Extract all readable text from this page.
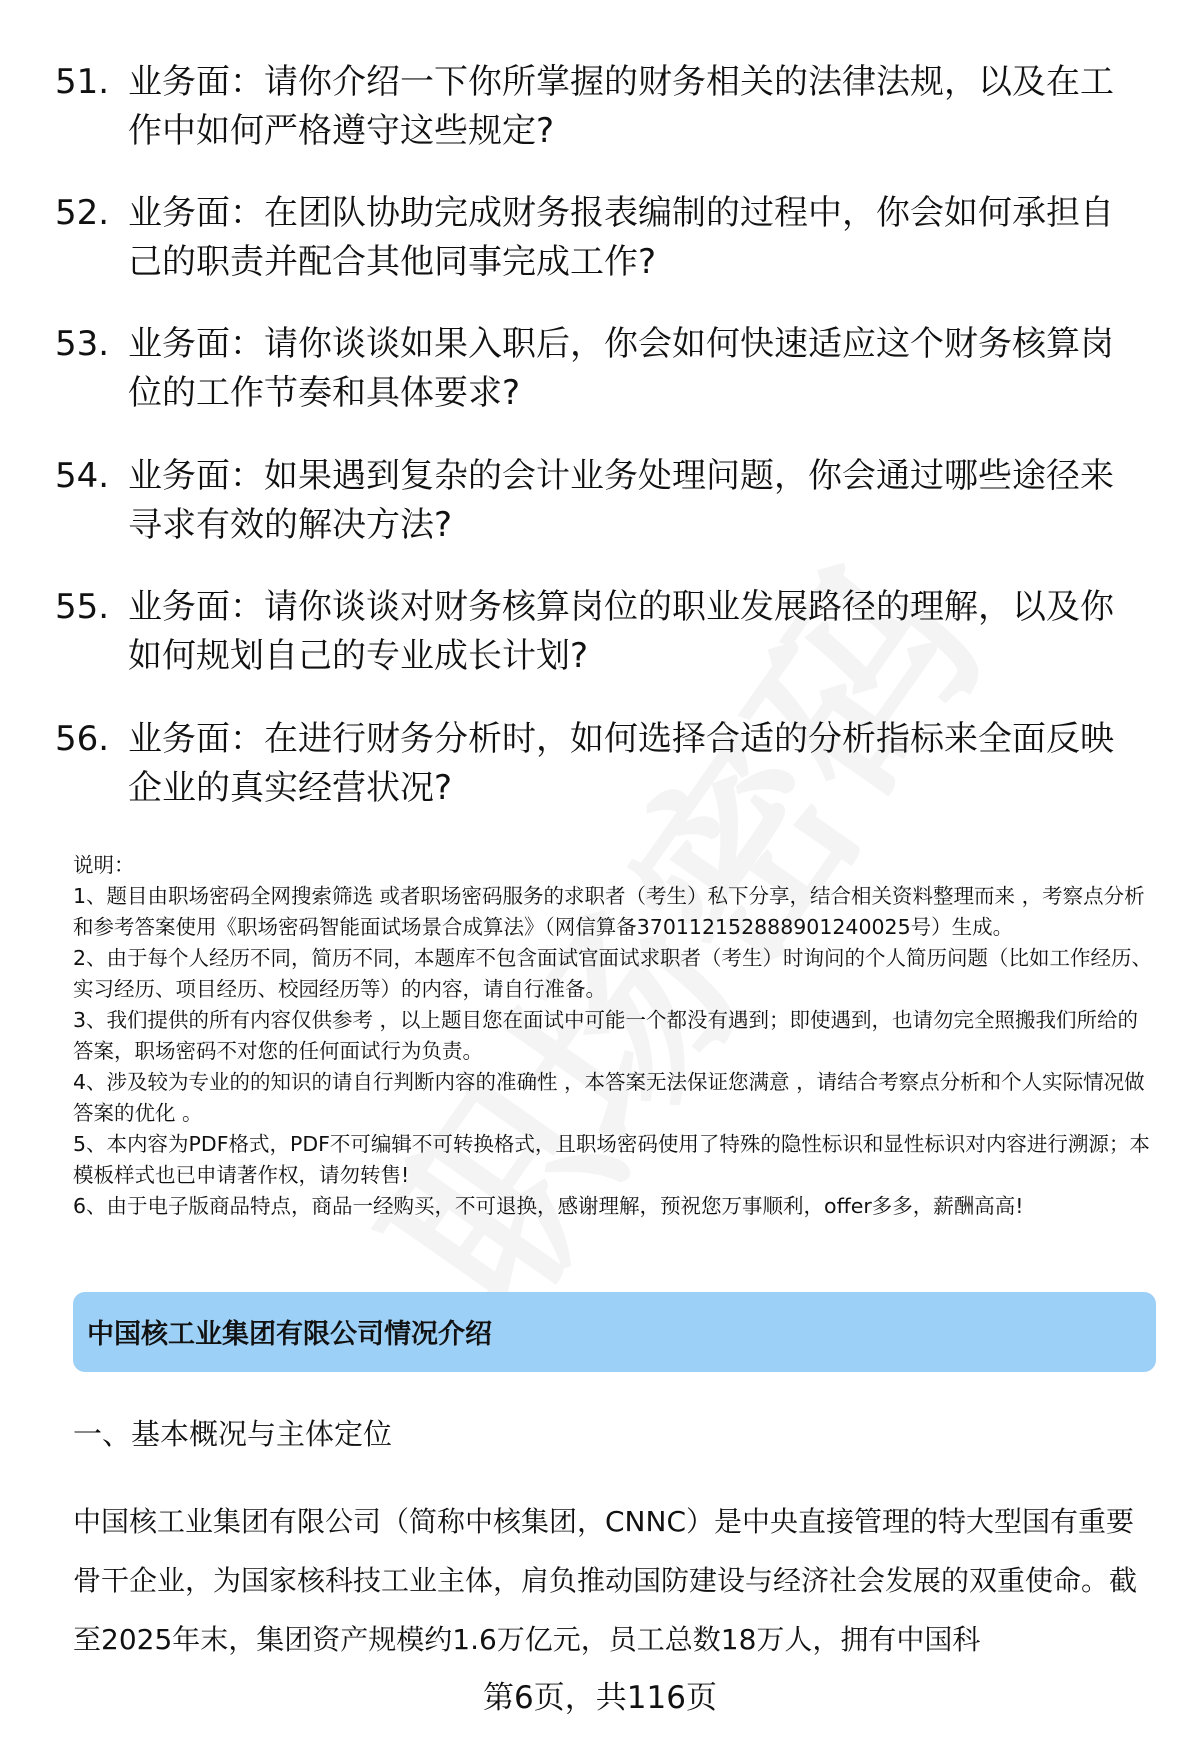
51. 业务面：请你介绍一下你所掌握的财务相关的法律法规，以及在工作中如何严格遵守这些规定?
52. 业务面：在团队协助完成财务报表编制的过程中，你会如何承担自己的职责并配合其他同事完成工作?
53. 业务面：请你谈谈如果入职后，你会如何快速适应这个财务核算岗位的工作节奏和具体要求?
54. 业务面：如果遇到复杂的会计业务处理问题，你会通过哪些途径来寻求有效的解决方法?
55. 业务面：请你谈谈对财务核算岗位的职业发展路径的理解，以及你如何规划自己的专业成长计划?
56. 业务面：在进行财务分析时，如何选择合适的分析指标来全面反映企业的真实经营状况?

说明：

1、题目由职场密码全网搜索筛选 或者职场密码服务的求职者（考生）私下分享，结合相关资料整理而来 ，考察点分析和参考答案使用《职场密码智能面试场景合成算法》（网信算备370112152888901240025号）生成。

2、由于每个人经历不同，简历不同，本题库不包含面试官面试求职者（考生）时询问的个人简历问题（比如工作经历、实习经历、项目经历、校园经历等）的内容，请自行准备。

3、我们提供的所有内容仅供参考 ，以上题目您在面试中可能一个都没有遇到；即使遇到，也请勿完全照搬我们所给的答案，职场密码不对您的任何面试行为负责。

4、涉及较为专业的的知识的请自行判断内容的准确性 ，本答案无法保证您满意 ，请结合考察点分析和个人实际情况做答案的优化 。

5、本内容为PDF格式，PDF不可编辑不可转换格式，且职场密码使用了特殊的隐性标识和显性标识对内容进行溯源；本模板样式也已申请著作权，请勿转售!

6、由于电子版商品特点，商品一经购买，不可退换，感谢理解，预祝您万事顺利，offer多多，薪酬高高!

中国核工业集团有限公司情况介绍
一、基本概况与主体定位
中国核工业集团有限公司（简称中核集团，CNNC）是中央直接管理的特大型国有重要骨干企业，为国家核科技工业主体，肩负推动国防建设与经济社会发展的双重使命。截至2025年末，集团资产规模约1.6万亿元，员工总数18万人，拥有中国科
第6页，共116页
